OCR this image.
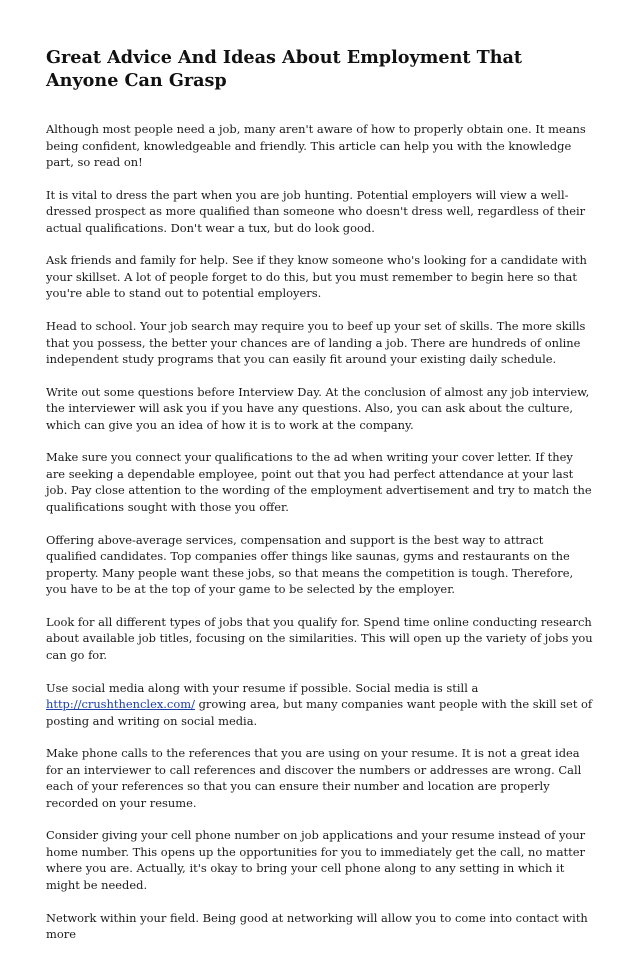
Great Advice And Ideas About Employment That Anyone Can Grasp

Although most people need a job, many aren't aware of how to properly obtain one. It means being confident, knowledgeable and friendly. This article can help you with the knowledge part, so read on!

It is vital to dress the part when you are job hunting. Potential employers will view a well-dressed prospect as more qualified than someone who doesn't dress well, regardless of their actual qualifications. Don't wear a tux, but do look good.

Ask friends and family for help. See if they know someone who's looking for a candidate with your skillset. A lot of people forget to do this, but you must remember to begin here so that you're able to stand out to potential employers.

Head to school. Your job search may require you to beef up your set of skills. The more skills that you possess, the better your chances are of landing a job. There are hundreds of online independent study programs that you can easily fit around your existing daily schedule.

Write out some questions before Interview Day. At the conclusion of almost any job interview, the interviewer will ask you if you have any questions. Also, you can ask about the culture, which can give you an idea of how it is to work at the company.

Make sure you connect your qualifications to the ad when writing your cover letter. If they are seeking a dependable employee, point out that you had perfect attendance at your last job. Pay close attention to the wording of the employment advertisement and try to match the qualifications sought with those you offer.

Offering above-average services, compensation and support is the best way to attract qualified candidates. Top companies offer things like saunas, gyms and restaurants on the property. Many people want these jobs, so that means the competition is tough. Therefore, you have to be at the top of your game to be selected by the employer.

Look for all different types of jobs that you qualify for. Spend time online conducting research about available job titles, focusing on the similarities. This will open up the variety of jobs you can go for.

Use social media along with your resume if possible. Social media is still a http://crushthenclex.com/ growing area, but many companies want people with the skill set of posting and writing on social media.

Make phone calls to the references that you are using on your resume. It is not a great idea for an interviewer to call references and discover the numbers or addresses are wrong. Call each of your references so that you can ensure their number and location are properly recorded on your resume.

Consider giving your cell phone number on job applications and your resume instead of your home number. This opens up the opportunities for you to immediately get the call, no matter where you are. Actually, it's okay to bring your cell phone along to any setting in which it might be needed.

Network within your field. Being good at networking will allow you to come into contact with more
